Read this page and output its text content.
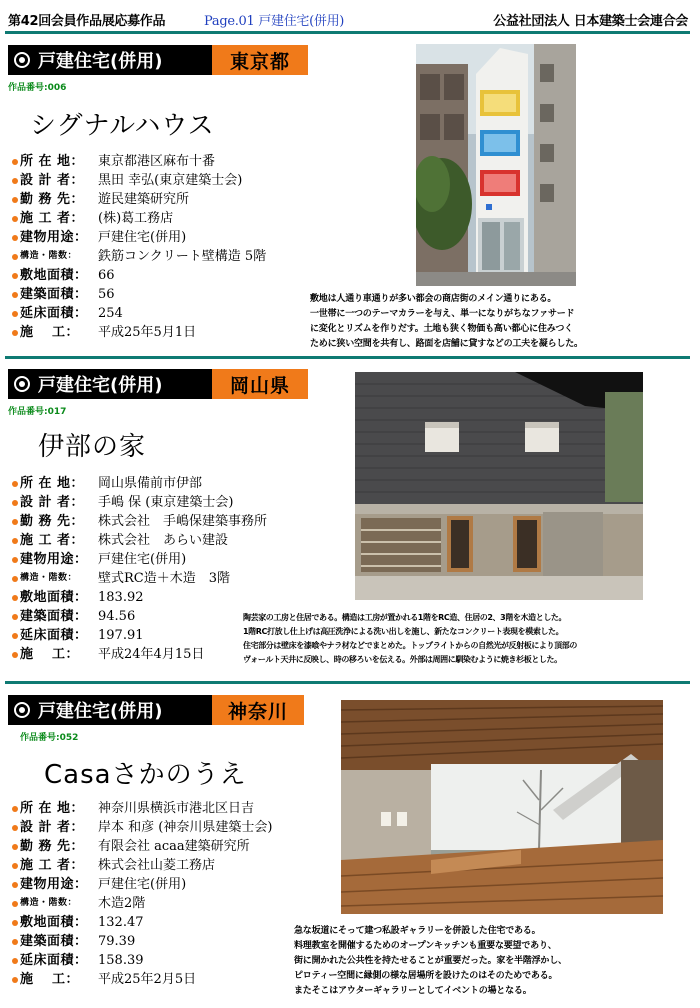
第42回会員作品展応募作品	Page.01 戸建住宅(併用)	公益社団法人 日本建築士会連合会
戸建住宅(併用)	東京都
作品番号:006
シグナルハウス
所 在 地： 東京都港区麻布十番
設 計 者： 黒田 幸弘(東京建築士会)
勤 務 先： 遊民建築研究所
施 工 者： (株)葛工務店
建物用途： 戸建住宅(併用)
構造・階数： 鉄筋コンクリート壁構造 5階
敷地面積： 66
建築面積： 56
延床面積： 254
施 　工： 平成25年5月1日
敷地は人通り車通りが多い都会の商店街のメイン通りにある。
一世帯に一つのテーマカラーを与え、単一になりがちなファサード
に変化とリズムを作りだす。土地も狭く物価も高い都心に住みつく
ために狭い空間を共有し、路面を店舗に貸すなどの工夫を凝らした。
戸建住宅(併用)	岡山県
作品番号:017
伊部の家
所 在 地： 岡山県備前市伊部
設 計 者： 手嶋 保 (東京建築士会)
勤 務 先： 株式会社　手嶋保建築事務所
施 工 者： 株式会社　あらい建設
建物用途： 戸建住宅(併用)
構造・階数： 壁式RC造＋木造　3階
敷地面積： 183.92
建築面積： 94.56
延床面積： 197.91
施 　工： 平成24年4月15日
陶芸家の工房と住居である。構造は工房が置かれる1階をRC造、住居の2、3階を木造とした。
1階RC打放し仕上げは高圧洗浄による洗い出しを施し、新たなコンクリート表現を模索した。
住宅部分は壁床を漆喰やナラ材などでまとめた。トップライトからの自然光が反射板により頂部の
ヴォールト天井に反映し、時の移ろいを伝える。外部は周囲に馴染むように焼き杉板とした。
戸建住宅(併用)	神奈川
作品番号:052
Casaさかのうえ
所 在 地： 神奈川県横浜市港北区日吉
設 計 者： 岸本 和彦 (神奈川県建築士会)
勤 務 先： 有限会社 acaa建築研究所
施 工 者： 株式会社山菱工務店
建物用途： 戸建住宅(併用)
構造・階数： 木造2階
敷地面積： 132.47
建築面積： 79.39
延床面積： 158.39
施 　工： 平成25年2月5日
急な坂道にそって建つ私設ギャラリーを併設した住宅である。
料理教室を開催するためのオープンキッチンも重要な要望であり、
街に開かれた公共性を持たせることが重要だった。家を半階浮かし、
ピロティー空間に縁側の様な居場所を設けたのはそのためである。
またそこはアウターギャラリーとしてイベントの場となる。
